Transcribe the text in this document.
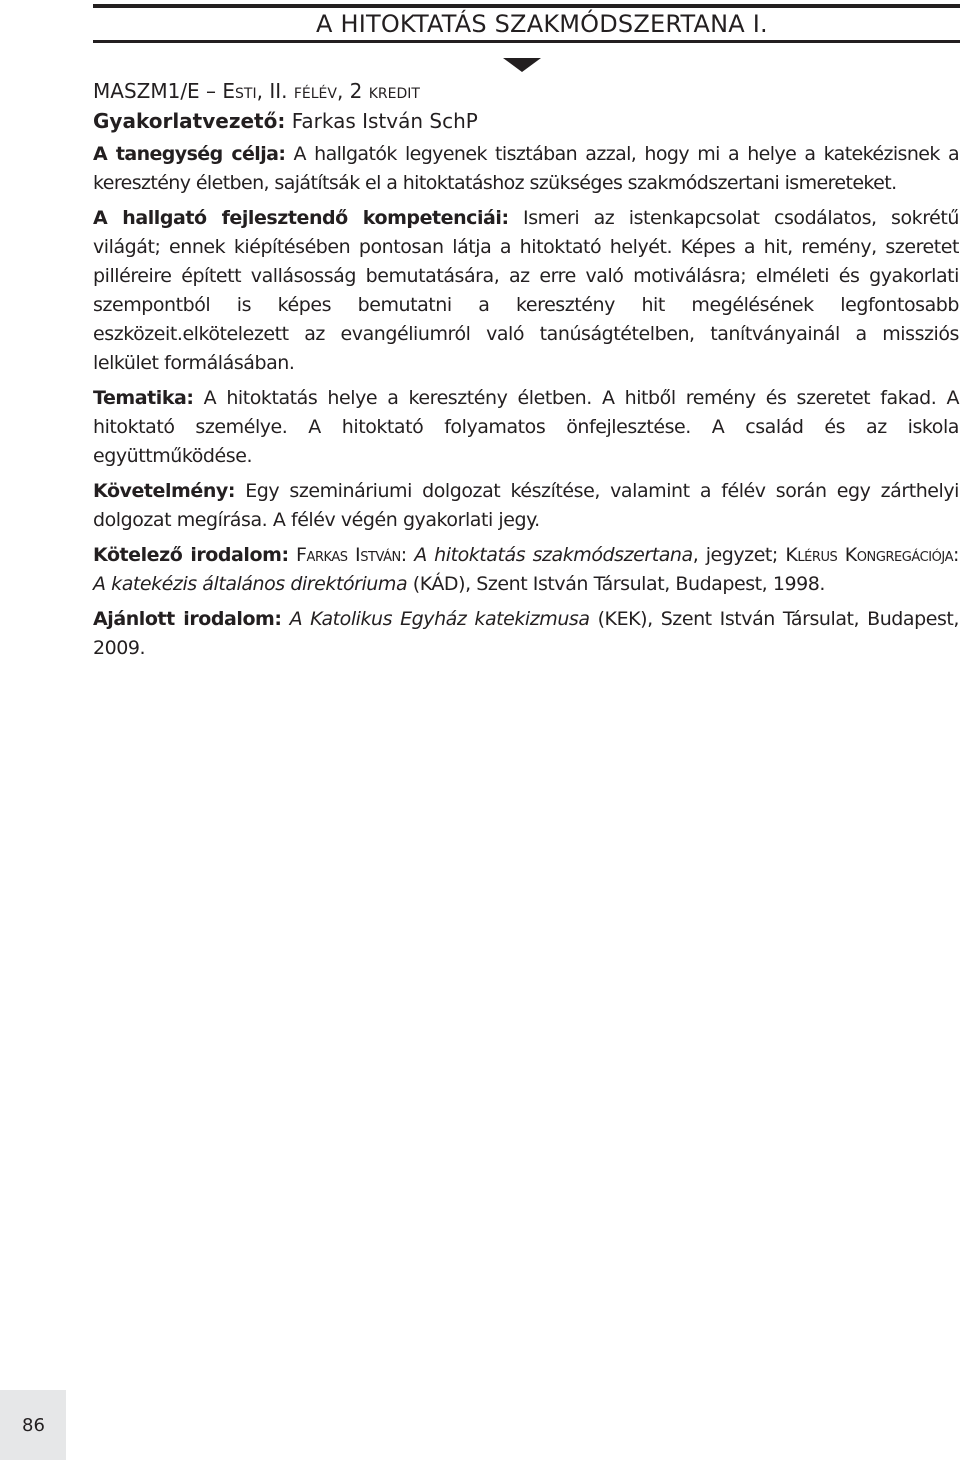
A HITOKTATÁS SZAKMÓDSZERTANA I.
MASZM1/E – Esti, II. félév, 2 kredit
Gyakorlatvezető: Farkas István SchP

A tanegység célja: A hallgatók legyenek tisztában azzal, hogy mi a helye a katekézisnek a keresztény életben, sajátítsák el a hitoktatáshoz szükséges szakmódszertani ismereteket.

A hallgató fejlesztendő kompetenciái: Ismeri az istenkapcsolat csodálatos, sokrétű világát; ennek kiépítésében pontosan látja a hitoktató helyét. Képes a hit, remény, szeretet pilléreire épített vallásosság bemutatására, az erre való motiválásra; elméleti és gyakorlati szempontból is képes bemutatni a keresztény hit megélésének legfontosabb eszközeit.elkötelezett az evangéliumról való tanúságtételben, tanítványainál a missziós lelkület formálásában.

Tematika: A hitoktatás helye a keresztény életben. A hitből remény és szeretet fakad. A hitoktató személye. A hitoktató folyamatos önfejlesztése. A család és az iskola együttműködése.

Követelmény: Egy szemináriumi dolgozat készítése, valamint a félév során egy zárthelyi dolgozat megírása. A félév végén gyakorlati jegy.

Kötelező irodalom: Farkas István: A hitoktatás szakmódszertana, jegyzet; Klérus Kongregációja: A katekézis általános direktóriuma (KÁD), Szent István Társulat, Budapest, 1998.

Ajánlott irodalom: A Katolikus Egyház katekizmusa (KEK), Szent István Társulat, Budapest, 2009.

86
